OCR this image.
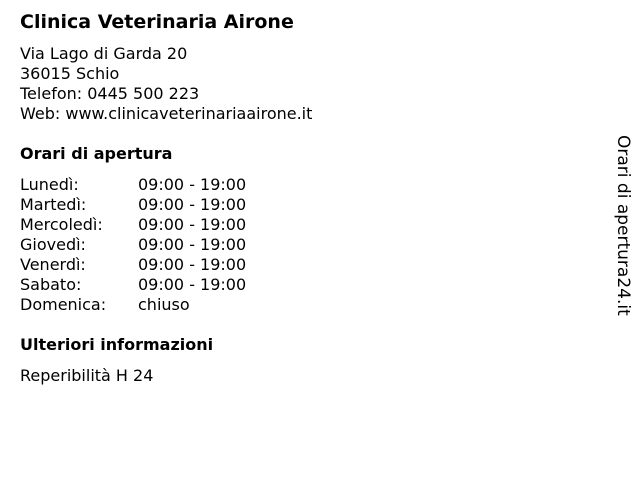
Clinica Veterinaria Airone
Via Lago di Garda 20
36015 Schio
Telefon: 0445 500 223
Web: www.clinicaveterinariaairone.it
Orari di apertura
Lunedì:	09:00 - 19:00
Martedì:	09:00 - 19:00
Mercoledì: 09:00 - 19:00
Giovedì:	09:00 - 19:00
Venerdì:	09:00 - 19:00
Sabato:	09:00 - 19:00
Domenica: chiuso
Ulteriori informazioni
Reperibilità H 24
Orari di apertura24.it
